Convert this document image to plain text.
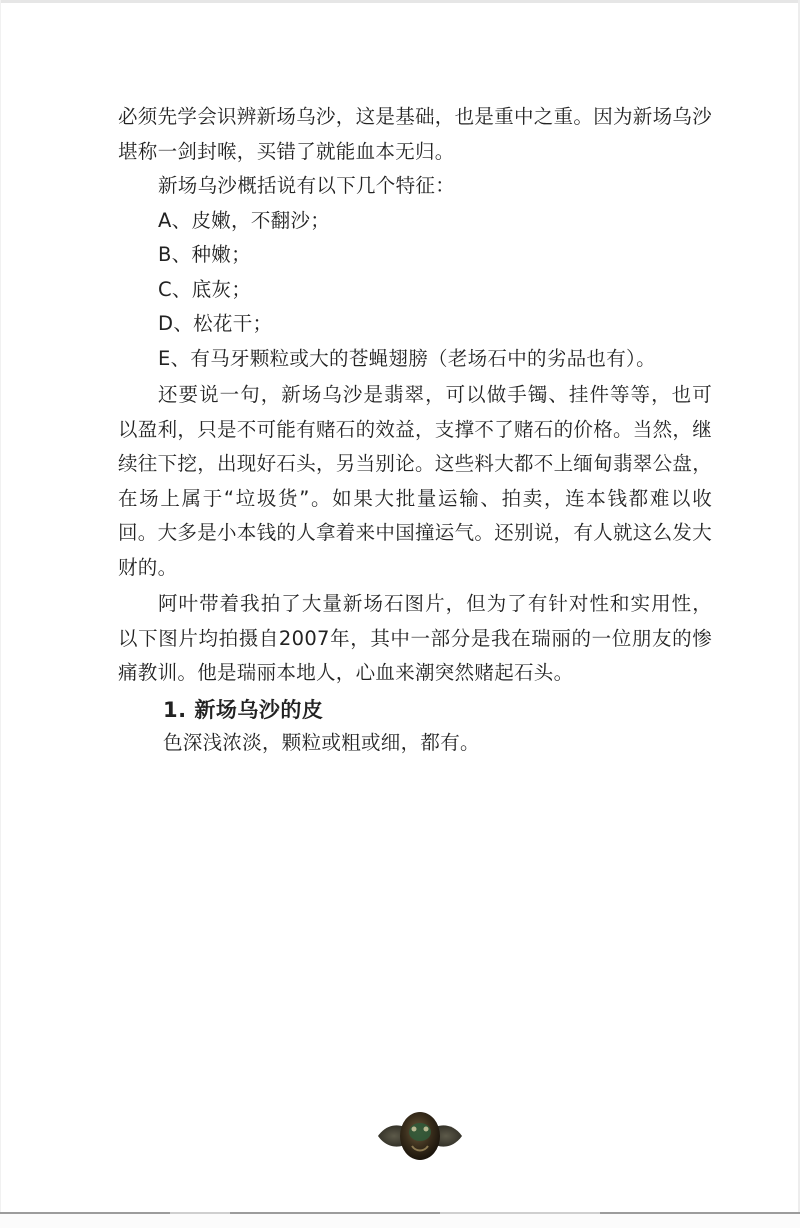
必须先学会识辨新场乌沙，这是基础，也是重中之重。因为新场乌沙堪称一剑封喉，买错了就能血本无归。

新场乌沙概括说有以下几个特征：

A、皮嫩，不翻沙；

B、种嫩；

C、底灰；

D、松花干；

E、有马牙颗粒或大的苍蝇翅膀（老场石中的劣品也有）。

还要说一句，新场乌沙是翡翠，可以做手镯、挂件等等，也可以盈利，只是不可能有赌石的效益，支撑不了赌石的价格。当然，继续往下挖，出现好石头，另当别论。这些料大都不上缅甸翡翠公盘，在场上属于“垃圾货”。如果大批量运输、拍卖，连本钱都难以收回。大多是小本钱的人拿着来中国撞运气。还别说，有人就这么发大财的。

阿叶带着我拍了大量新场石图片，但为了有针对性和实用性，以下图片均拍摄自2007年，其中一部分是我在瑞丽的一位朋友的惨痛教训。他是瑞丽本地人，心血来潮突然赌起石头。

1. 新场乌沙的皮

色深浅浓淡，颗粒或粗或细，都有。
